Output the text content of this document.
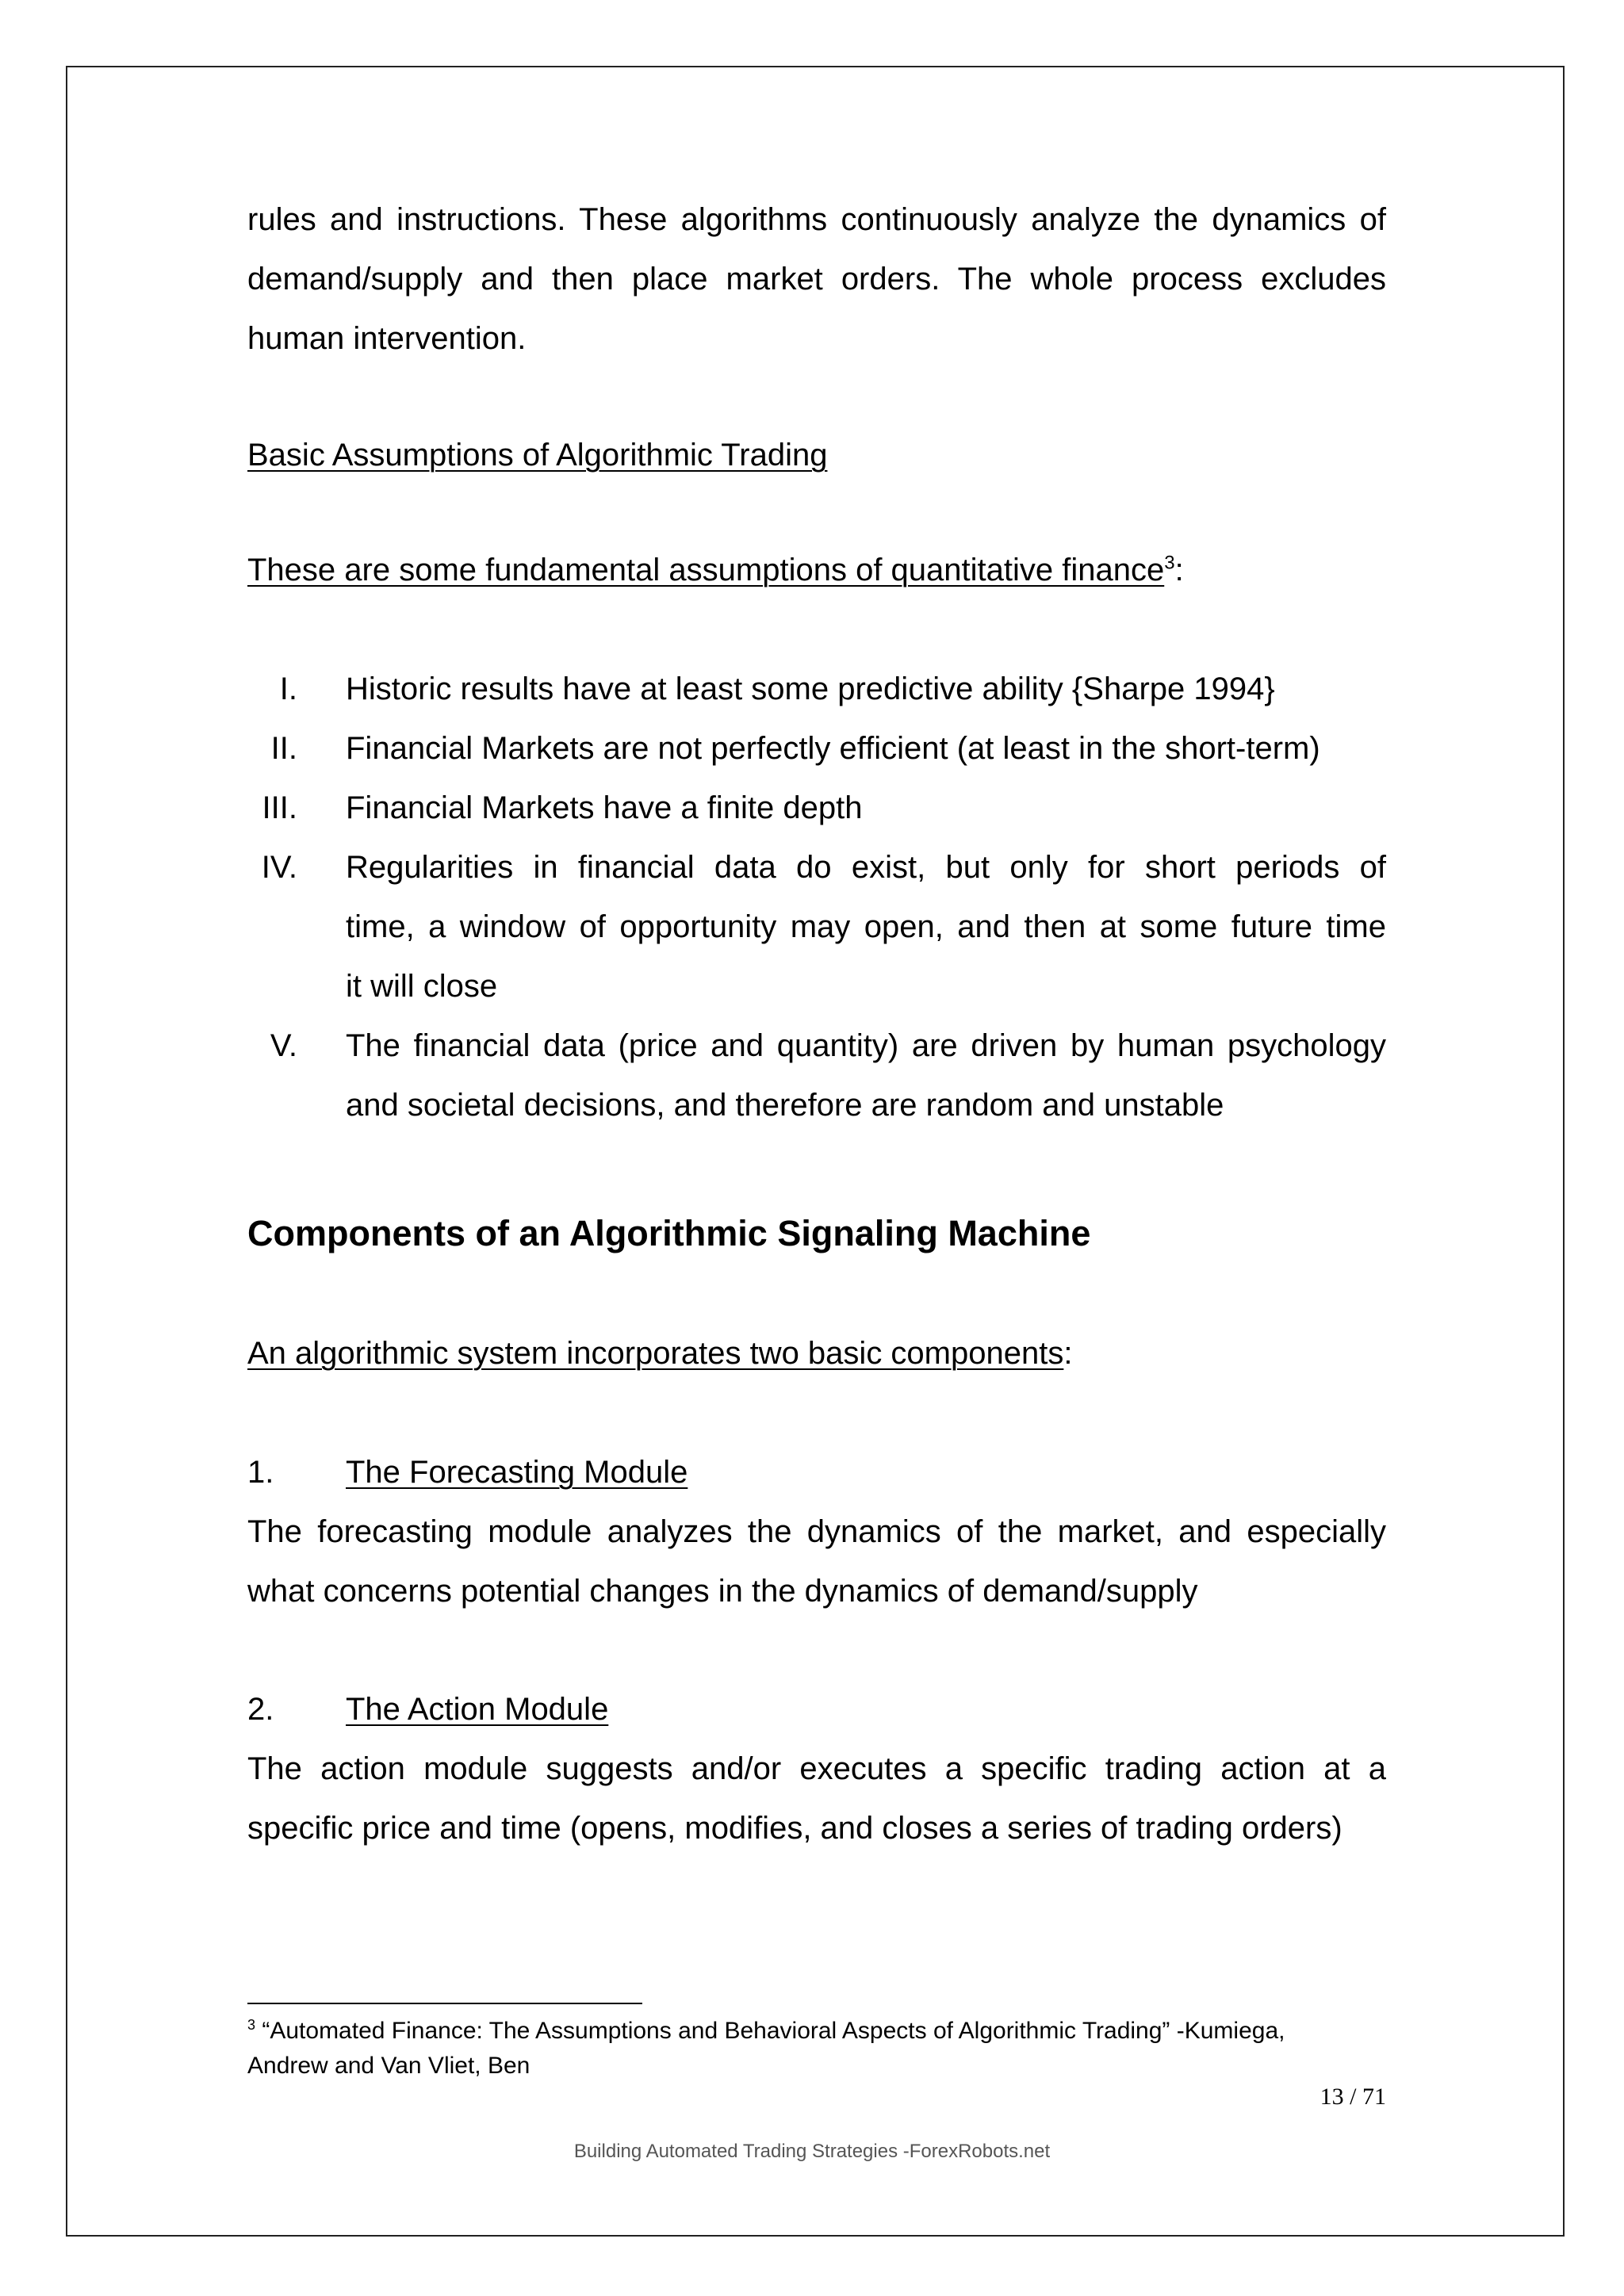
rules and instructions. These algorithms continuously analyze the dynamics of

demand/supply and then place market orders. The whole process excludes

human intervention.

Basic Assumptions of Algorithmic Trading

These are some fundamental assumptions of quantitative finance$^3$:

I. Historic results have at least some predictive ability {Sharpe 1994}

II. Financial Markets are not perfectly efficient (at least in the short-term)

III. Financial Markets have a finite depth

IV. Regularities in financial data do exist, but only for short periods of

time, a window of opportunity may open, and then at some future time

it will close

V. The financial data (price and quantity) are driven by human psychology

and societal decisions, and therefore are random and unstable

Components of an Algorithmic Signaling Machine

An algorithmic system incorporates two basic components:

1. The Forecasting Module

The forecasting module analyzes the dynamics of the market, and especially

what concerns potential changes in the dynamics of demand/supply

2. The Action Module

The action module suggests and/or executes a specific trading action at a

specific price and time (opens, modifies, and closes a series of trading orders)

$^3$ “Automated Finance: The Assumptions and Behavioral Aspects of Algorithmic Trading” -Kumiega,
Andrew and Van Vliet, Ben
13 / 71
Building Automated Trading Strategies -ForexRobots.net
